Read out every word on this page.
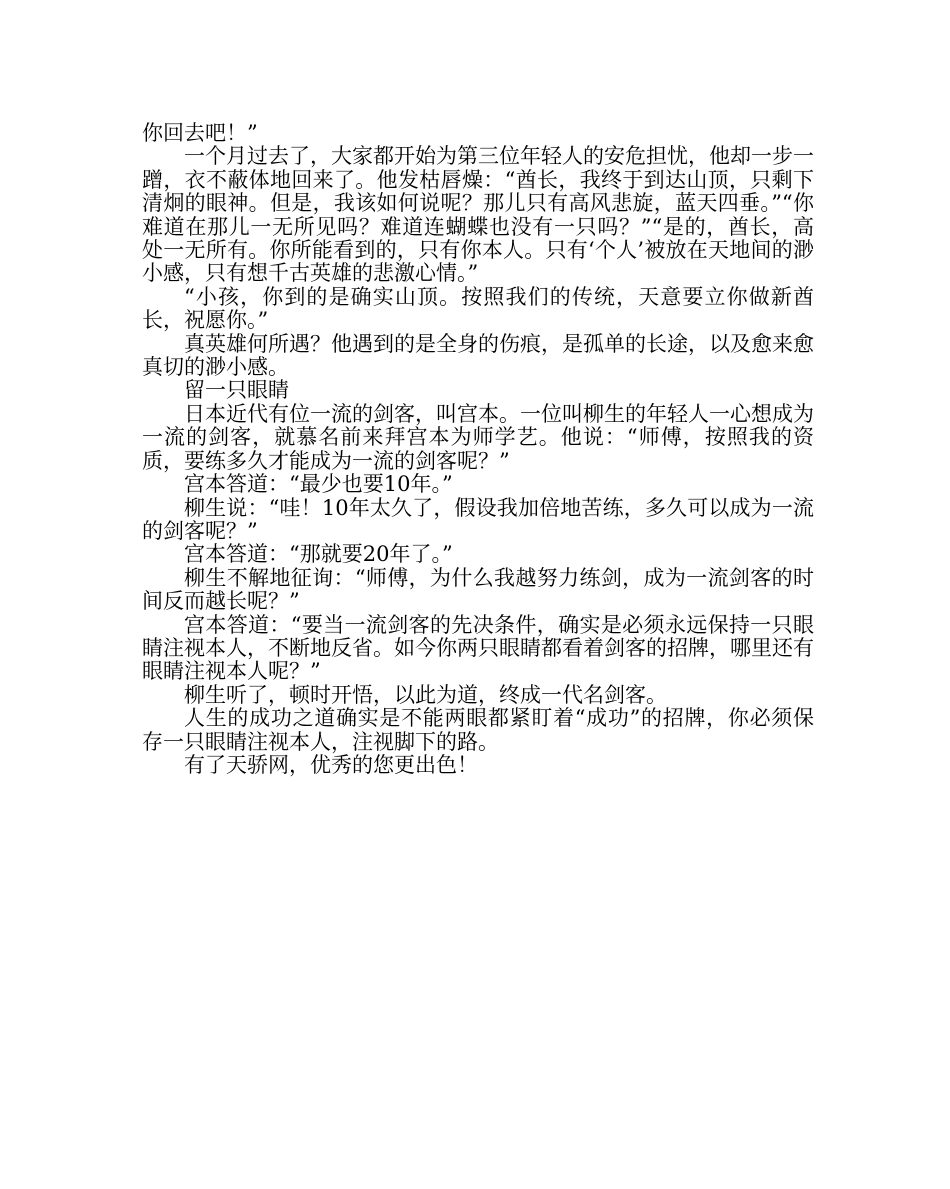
你回去吧！”

一个月过去了，大家都开始为第三位年轻人的安危担忧，他却一步一蹭，衣不蔽体地回来了。他发枯唇燥：“酋长，我终于到达山顶，只剩下清炯的眼神。但是，我该如何说呢？那儿只有高风悲旋，蓝天四垂。”“你难道在那儿一无所见吗？难道连蝴蝶也没有一只吗？”“是的，酋长，高处一无所有。你所能看到的，只有你本人。只有‘个人’被放在天地间的渺小感，只有想千古英雄的悲激心情。”

“小孩，你到的是确实山顶。按照我们的传统，天意要立你做新酋长，祝愿你。”

真英雄何所遇？他遇到的是全身的伤痕，是孤单的长途，以及愈来愈真切的渺小感。

留一只眼睛

日本近代有位一流的剑客，叫宫本。一位叫柳生的年轻人一心想成为一流的剑客，就慕名前来拜宫本为师学艺。他说：“师傅，按照我的资质，要练多久才能成为一流的剑客呢？”

宫本答道：“最少也要10年。”

柳生说：“哇！10年太久了，假设我加倍地苦练，多久可以成为一流的剑客呢？”

宫本答道：“那就要20年了。”

柳生不解地征询：“师傅，为什么我越努力练剑，成为一流剑客的时间反而越长呢？”

宫本答道：“要当一流剑客的先决条件，确实是必须永远保持一只眼睛注视本人，不断地反省。如今你两只眼睛都看着剑客的招牌，哪里还有眼睛注视本人呢？”

柳生听了，顿时开悟，以此为道，终成一代名剑客。

人生的成功之道确实是不能两眼都紧盯着“成功”的招牌，你必须保存一只眼睛注视本人，注视脚下的路。

有了天骄网，优秀的您更出色！
